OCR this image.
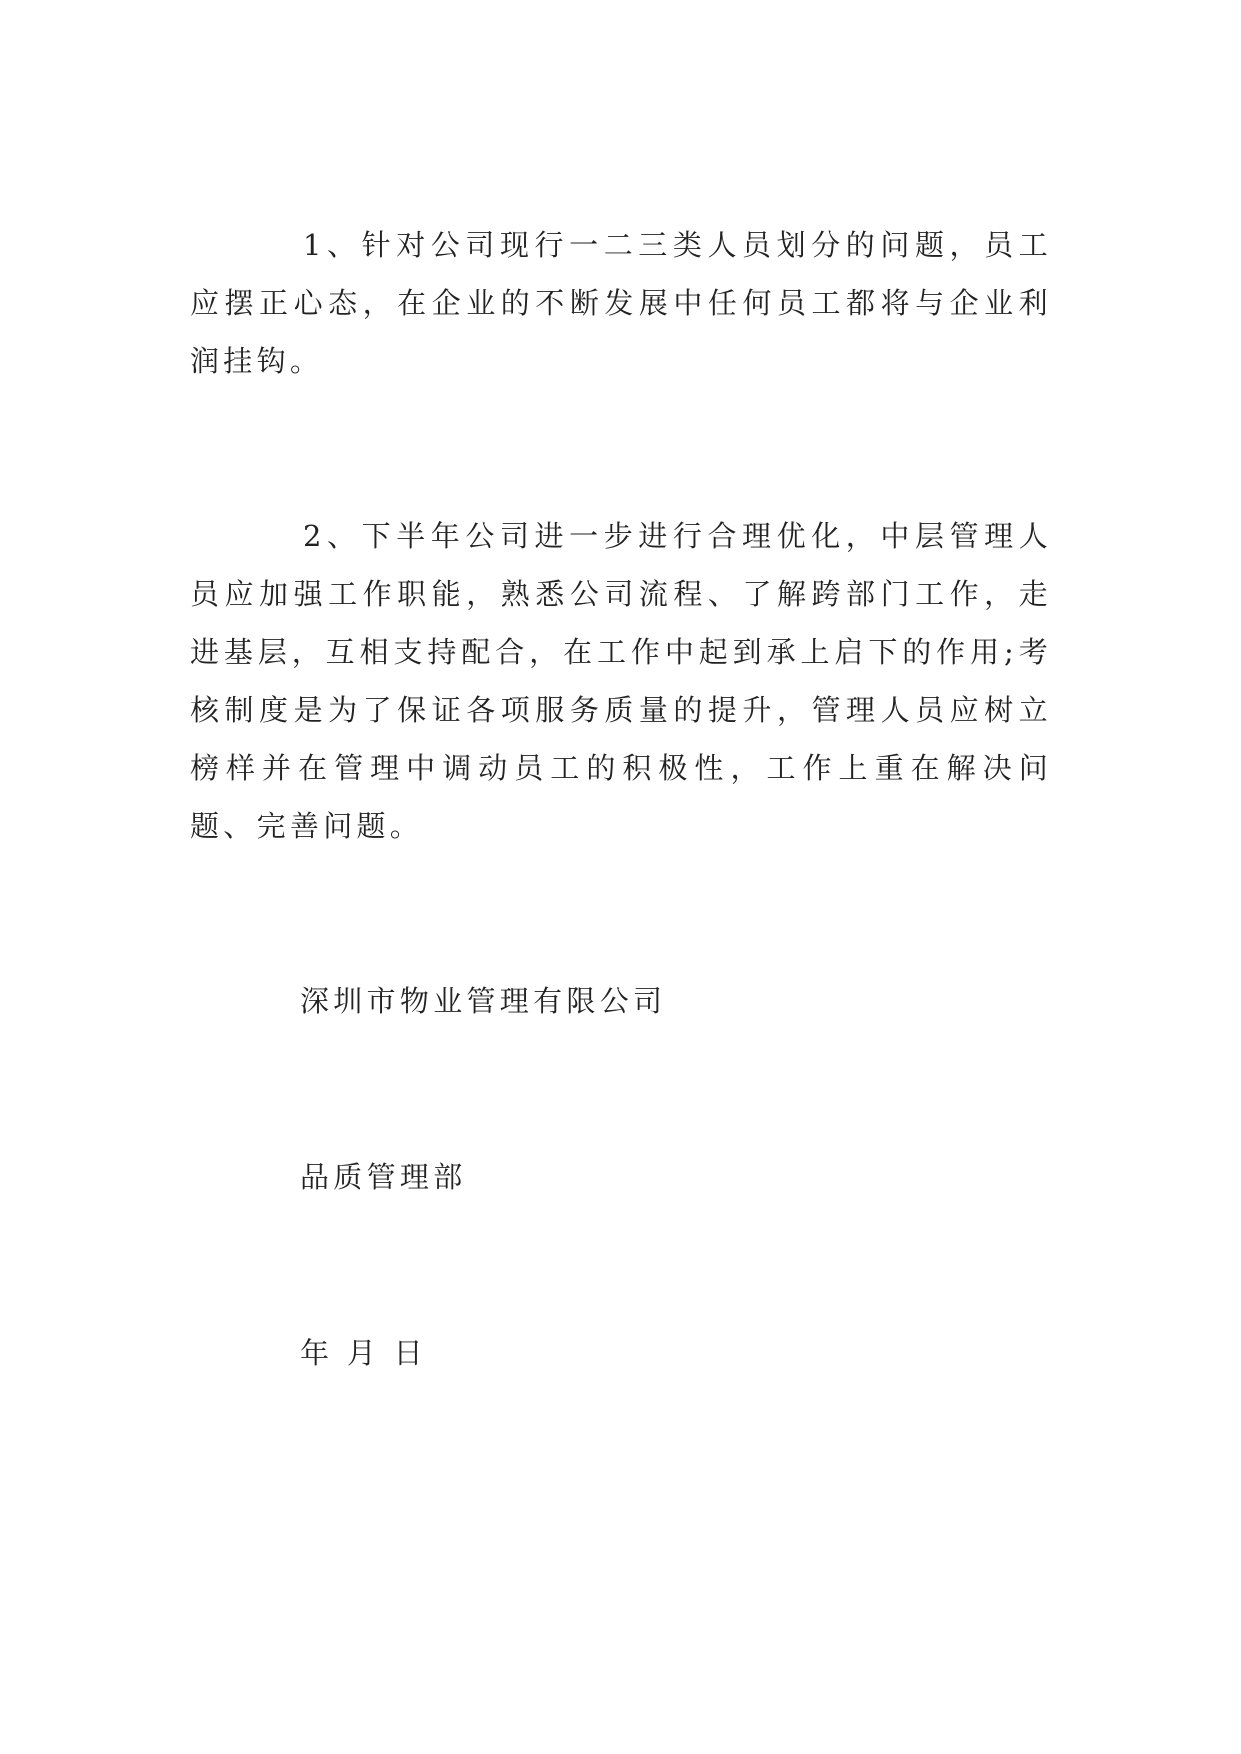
1、针对公司现行一二三类人员划分的问题，员工应摆正心态，在企业的不断发展中任何员工都将与企业利润挂钩。

2、下半年公司进一步进行合理优化，中层管理人员应加强工作职能，熟悉公司流程、了解跨部门工作，走进基层，互相支持配合，在工作中起到承上启下的作用;考核制度是为了保证各项服务质量的提升，管理人员应树立榜样并在管理中调动员工的积极性，工作上重在解决问题、完善问题。

深圳市物业管理有限公司

品质管理部

年 月 日
